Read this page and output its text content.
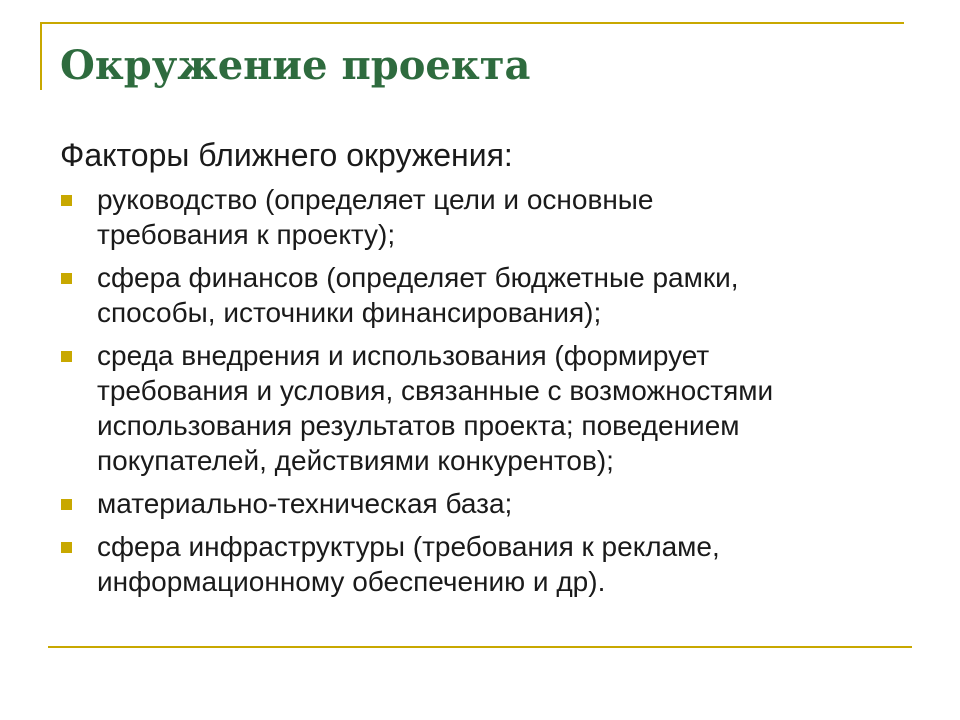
Окружение проекта

Факторы ближнего окружения:

руководство (определяет цели и основные
требования к проекту);
сфера финансов (определяет бюджетные рамки,
способы, источники финансирования);
среда внедрения и использования (формирует
требования и условия, связанные с возможностями
использования результатов проекта; поведением
покупателей, действиями конкурентов);
материально-техническая база;
сфера инфраструктуры (требования к рекламе,
информационному обеспечению и др).
